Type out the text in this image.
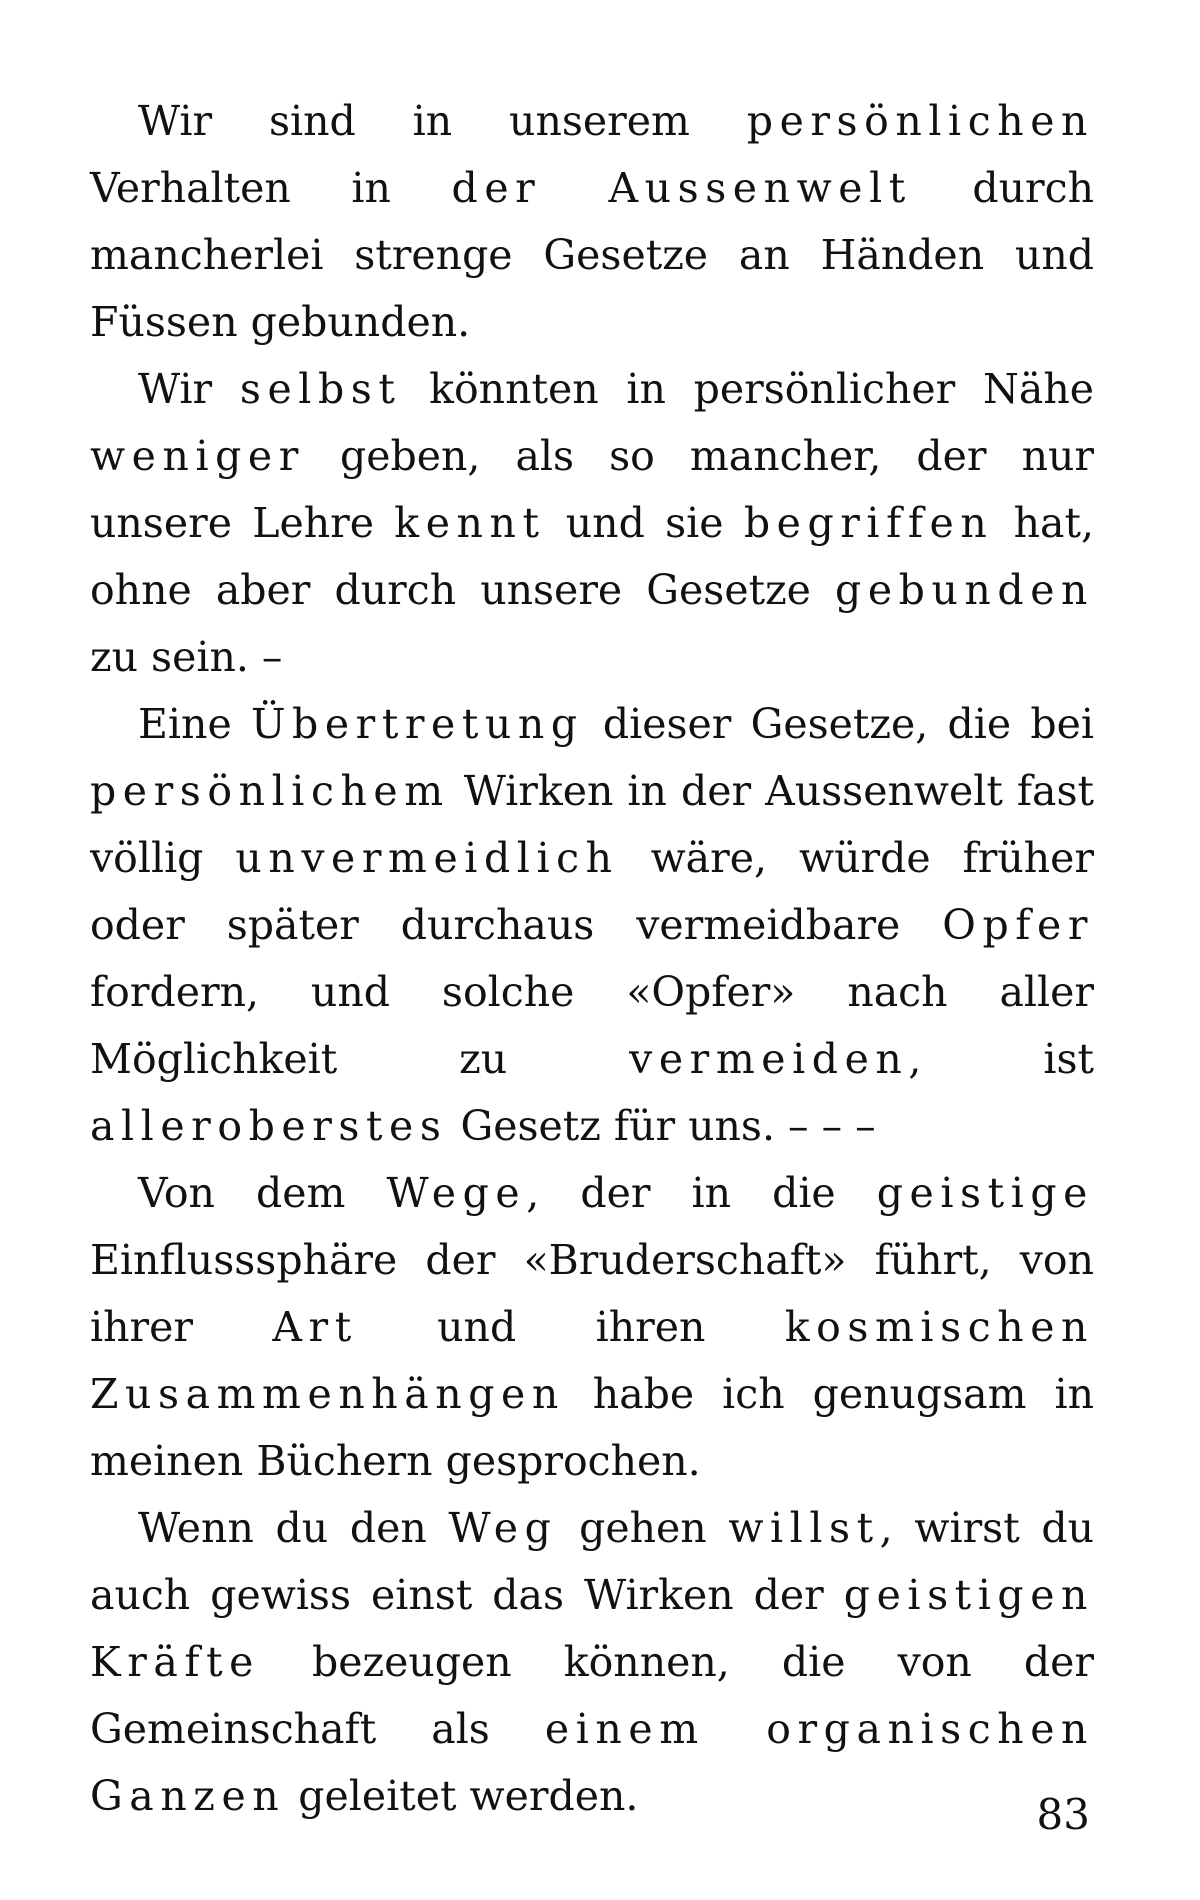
Wir sind in unserem persönlichen Verhalten in der Aussenwelt durch mancherlei strenge Gesetze an Händen und Füssen gebunden.

Wir selbst könnten in persönlicher Nähe weniger geben, als so mancher, der nur unsere Lehre kennt und sie begriffen hat, ohne aber durch unsere Gesetze gebunden zu sein. –

Eine Übertretung dieser Gesetze, die bei persönlichem Wirken in der Aussenwelt fast völlig unvermeidlich wäre, würde früher oder später durchaus vermeidbare Opfer fordern, und solche «Opfer» nach aller Möglichkeit zu vermeiden, ist alleroberstes Gesetz für uns. – – –

Von dem Wege, der in die geistige Einflusssphäre der «Bruderschaft» führt, von ihrer Art und ihren kosmischen Zusammenhängen habe ich genugsam in meinen Büchern gesprochen.

Wenn du den Weg gehen willst, wirst du auch gewiss einst das Wirken der geistigen Kräfte bezeugen können, die von der Gemeinschaft als einem organischen Ganzen geleitet werden.	83
